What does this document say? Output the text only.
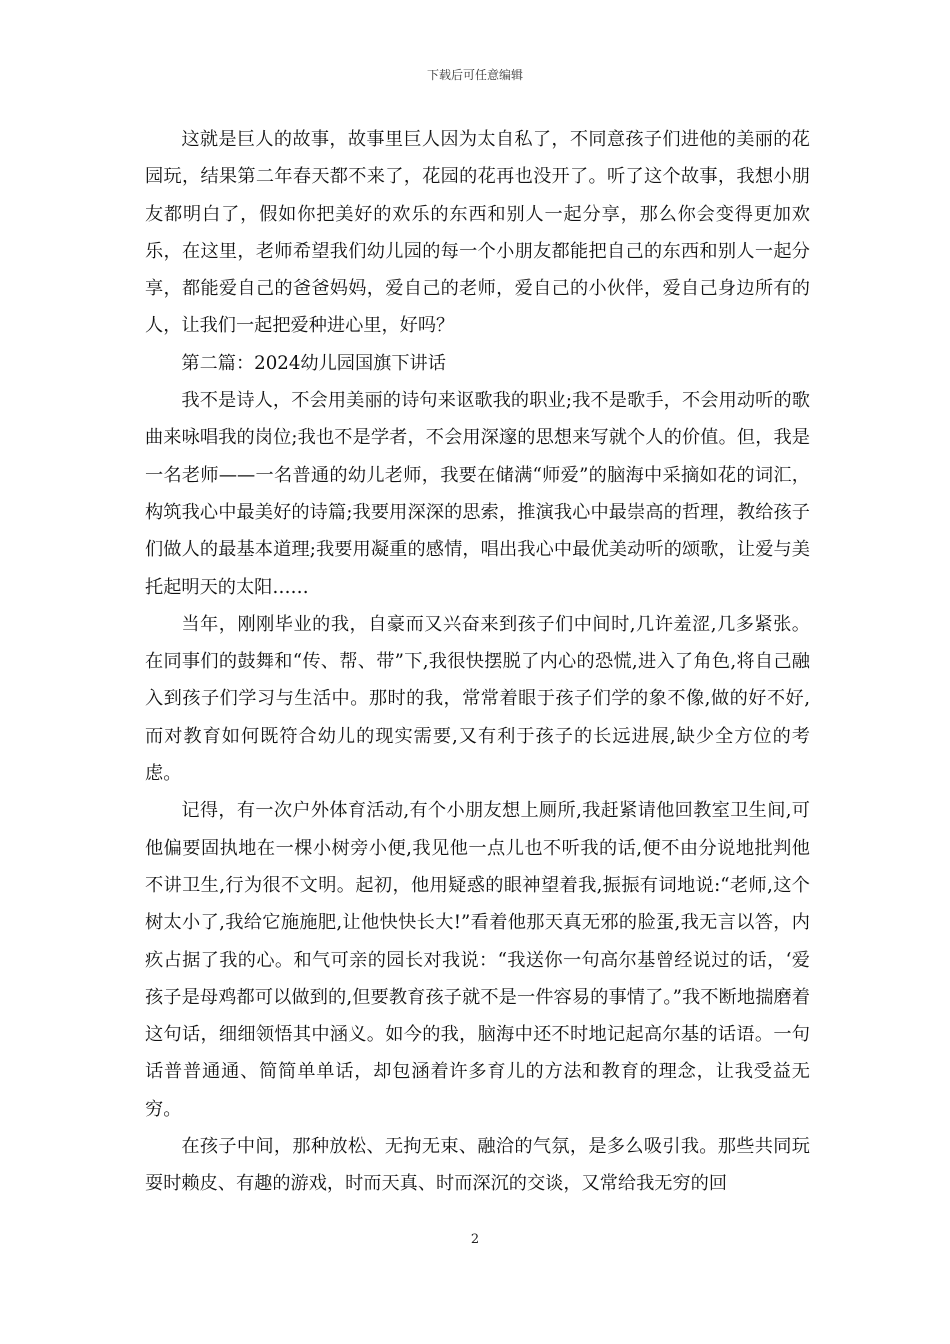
下载后可任意编辑

这就是巨人的故事，故事里巨人因为太自私了，不同意孩子们进他的美丽的花园玩，结果第二年春天都不来了，花园的花再也没开了。听了这个故事，我想小朋友都明白了，假如你把美好的欢乐的东西和别人一起分享，那么你会变得更加欢乐，在这里，老师希望我们幼儿园的每一个小朋友都能把自己的东西和别人一起分享，都能爱自己的爸爸妈妈，爱自己的老师，爱自己的小伙伴，爱自己身边所有的人，让我们一起把爱种进心里，好吗？

第二篇：2024幼儿园国旗下讲话

我不是诗人，不会用美丽的诗句来讴歌我的职业;我不是歌手，不会用动听的歌曲来咏唱我的岗位;我也不是学者，不会用深邃的思想来写就个人的价值。但，我是一名老师——一名普通的幼儿老师，我要在储满“师爱”的脑海中采摘如花的词汇，构筑我心中最美好的诗篇;我要用深深的思索，推演我心中最崇高的哲理，教给孩子们做人的最基本道理;我要用凝重的感情，唱出我心中最优美动听的颂歌，让爱与美托起明天的太阳……

当年，刚刚毕业的我，自豪而又兴奋来到孩子们中间时,几许羞涩,几多紧张。在同事们的鼓舞和“传、帮、带”下,我很快摆脱了内心的恐慌,进入了角色,将自己融入到孩子们学习与生活中。那时的我，常常着眼于孩子们学的象不像,做的好不好,而对教育如何既符合幼儿的现实需要,又有利于孩子的长远进展,缺少全方位的考虑。

记得，有一次户外体育活动,有个小朋友想上厕所,我赶紧请他回教室卫生间,可他偏要固执地在一棵小树旁小便,我见他一点儿也不听我的话,便不由分说地批判他不讲卫生,行为很不文明。起初，他用疑惑的眼神望着我,振振有词地说:“老师,这个树太小了,我给它施施肥,让他快快长大!”看着他那天真无邪的脸蛋,我无言以答，内疚占据了我的心。和气可亲的园长对我说：“我送你一句高尔基曾经说过的话，‘爱孩子是母鸡都可以做到的,但要教育孩子就不是一件容易的事情了。”我不断地揣磨着这句话，细细领悟其中涵义。如今的我，脑海中还不时地记起高尔基的话语。一句话普普通通、简简单单话，却包涵着许多育儿的方法和教育的理念，让我受益无穷。

在孩子中间，那种放松、无拘无束、融洽的气氛，是多么吸引我。那些共同玩耍时赖皮、有趣的游戏，时而天真、时而深沉的交谈，又常给我无穷的回

2
